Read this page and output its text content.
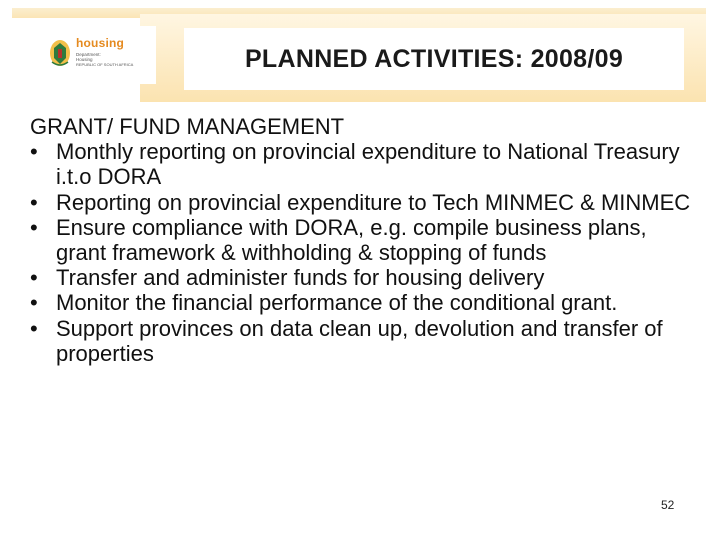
housing
Department:
Housing
REPUBLIC OF SOUTH AFRICA	PLANNED ACTIVITIES: 2008/09
GRANT/ FUND MANAGEMENT
• Monthly reporting on provincial expenditure to National Treasury i.t.o DORA
• Reporting on provincial expenditure to Tech MINMEC & MINMEC
• Ensure compliance with DORA, e.g. compile business plans, grant framework & withholding & stopping of funds
• Transfer and administer funds for housing delivery
• Monitor the financial performance of the conditional grant.
• Support provinces on data clean up, devolution and transfer of properties
52
